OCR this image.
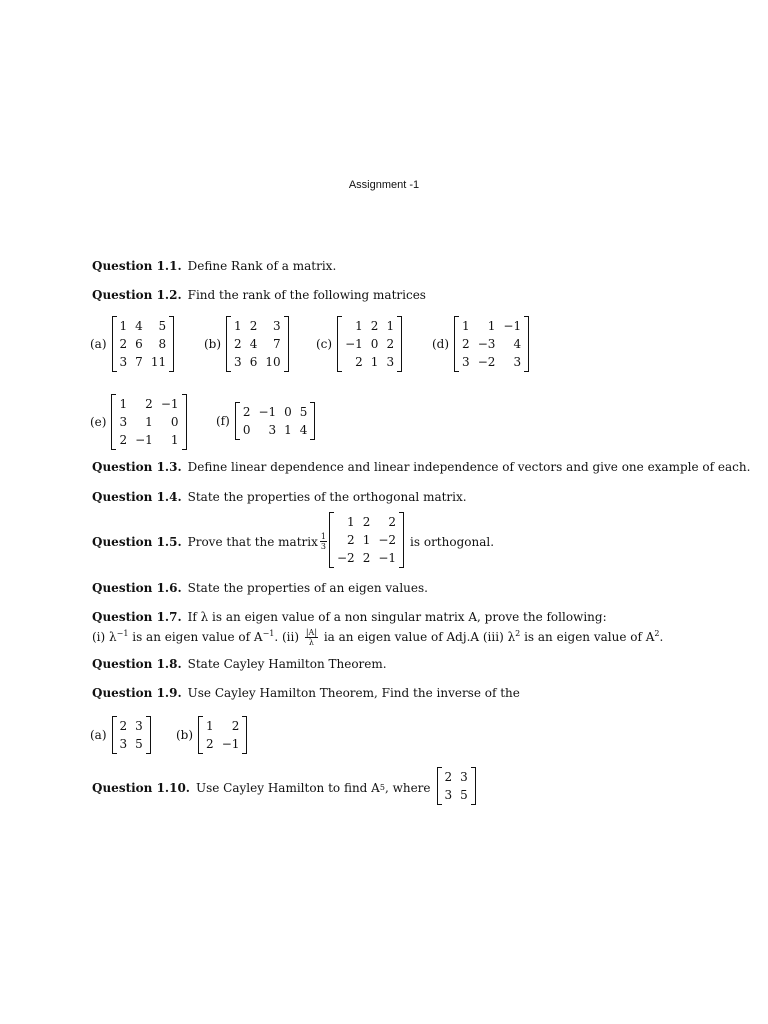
Assignment -1
Question 1.1. Define Rank of a matrix.
Question 1.2. Find the rank of the following matrices
(a)
1	4	5
2	6	8
3	7	11
(b)
1	2	3
2	4	7
3	6	10
(c)
1	2	1
−1	0	2
2	1	3
(d)
1	1	−1
2	−3	4
3	−2	3
(e)
1	2	−1
3	1	0
2	−1	1
(f)
2	−1	0	5
0	3	1	4
Question 1.3. Define linear dependence and linear independence of vectors and give one example of each.
Question 1.4. State the properties of the orthogonal matrix.
Question 1.5. Prove that the matrix $\frac{1}{3}$
1	2	2
2	1	−2
−2	2	−1
is orthogonal.
Question 1.6. State the properties of an eigen values.
Question 1.7. If λ is an eigen value of a non singular matrix A, prove the following:
(i) $\lambda^{-1}$ is an eigen value of $A^{-1}$. $(ii) \frac{|A|}{\lambda}$ ia an eigen value of Adj.A (iii) $\lambda^2$ is an eigen value of $A^2$.
Question 1.8. State Cayley Hamilton Theorem.
Question 1.9. Use Cayley Hamilton Theorem, Find the inverse of the
(a)
2	3
3	5
(b)
1	2
2	−1
Question 1.10. Use Cayley Hamilton to find A 5 , where
2	3
3	5
